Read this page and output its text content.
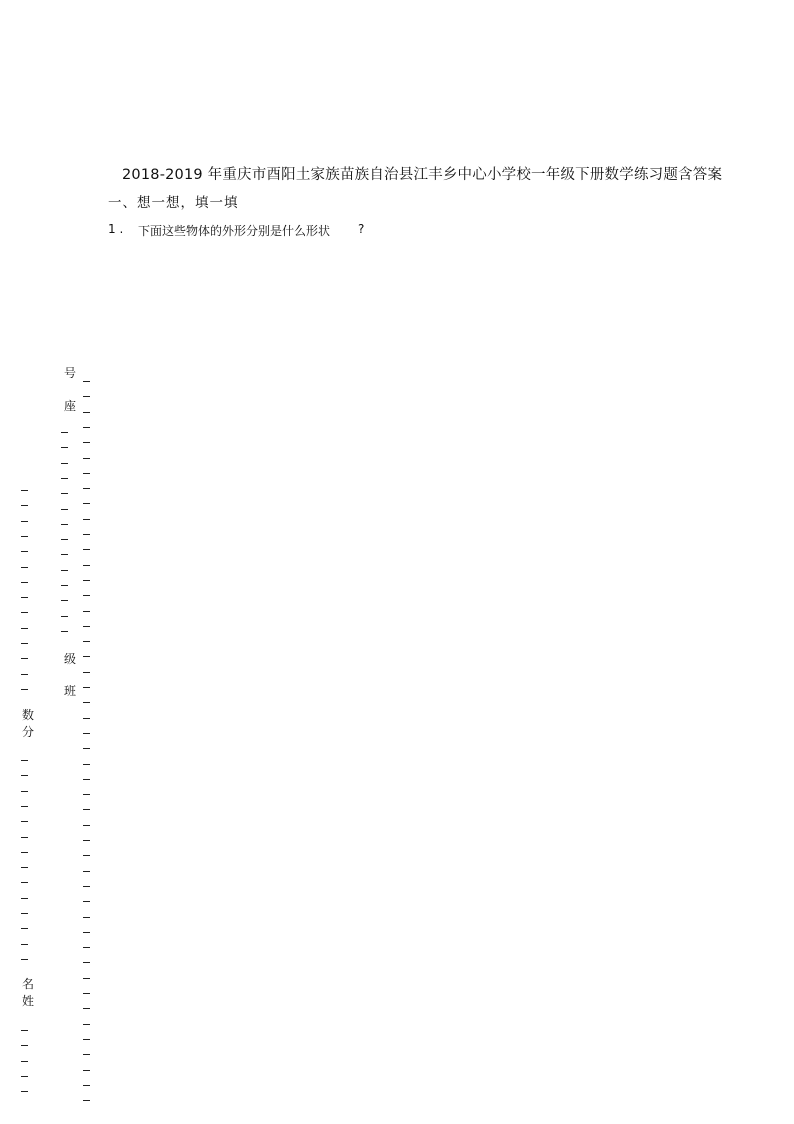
2018-2019 年重庆市酉阳土家族苗族自治县江丰乡中心小学校一年级下册数学练习题含答案
一、想一想，填一填
1 . 下面这些物体的外形分别是什么形状 ?
号
座
级
班
数
分
名
姓
